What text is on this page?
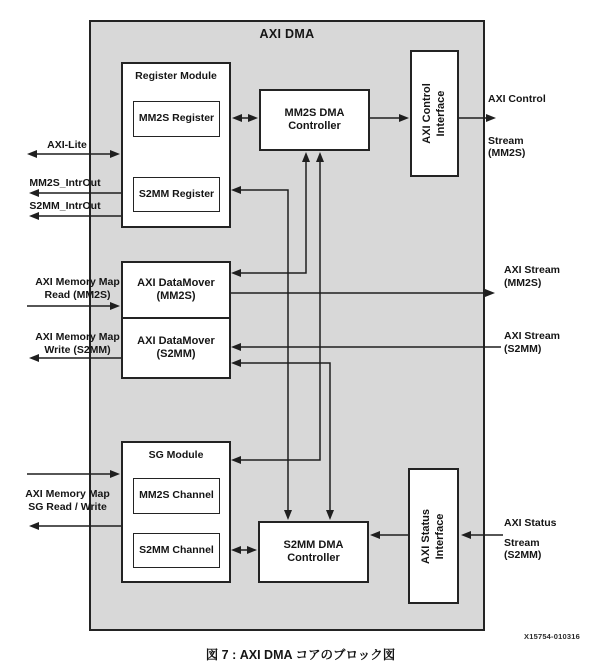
AXI DMA
Register Module
MM2S Register
S2MM Register
MM2S DMA
Controller	AXI Control Interface
AXI DataMover
(MM2S)
AXI DataMover
(S2MM)
SG Module
MM2S Channel
S2MM Channel	S2MM DMA
Controller	AXI Status Interface
AXI-Lite
MM2S_IntrOut
S2MM_IntrOut
AXI Memory Map
Read (MM2S)
AXI Memory Map
Write (S2MM)
AXI Memory Map
SG Read / Write
AXI Control
Stream
(MM2S)
AXI Stream
(MM2S)
AXI Stream
(S2MM)
AXI Status
Stream
(S2MM)
図 7 : AXI DMA コアのブロック図
X15754-010316
